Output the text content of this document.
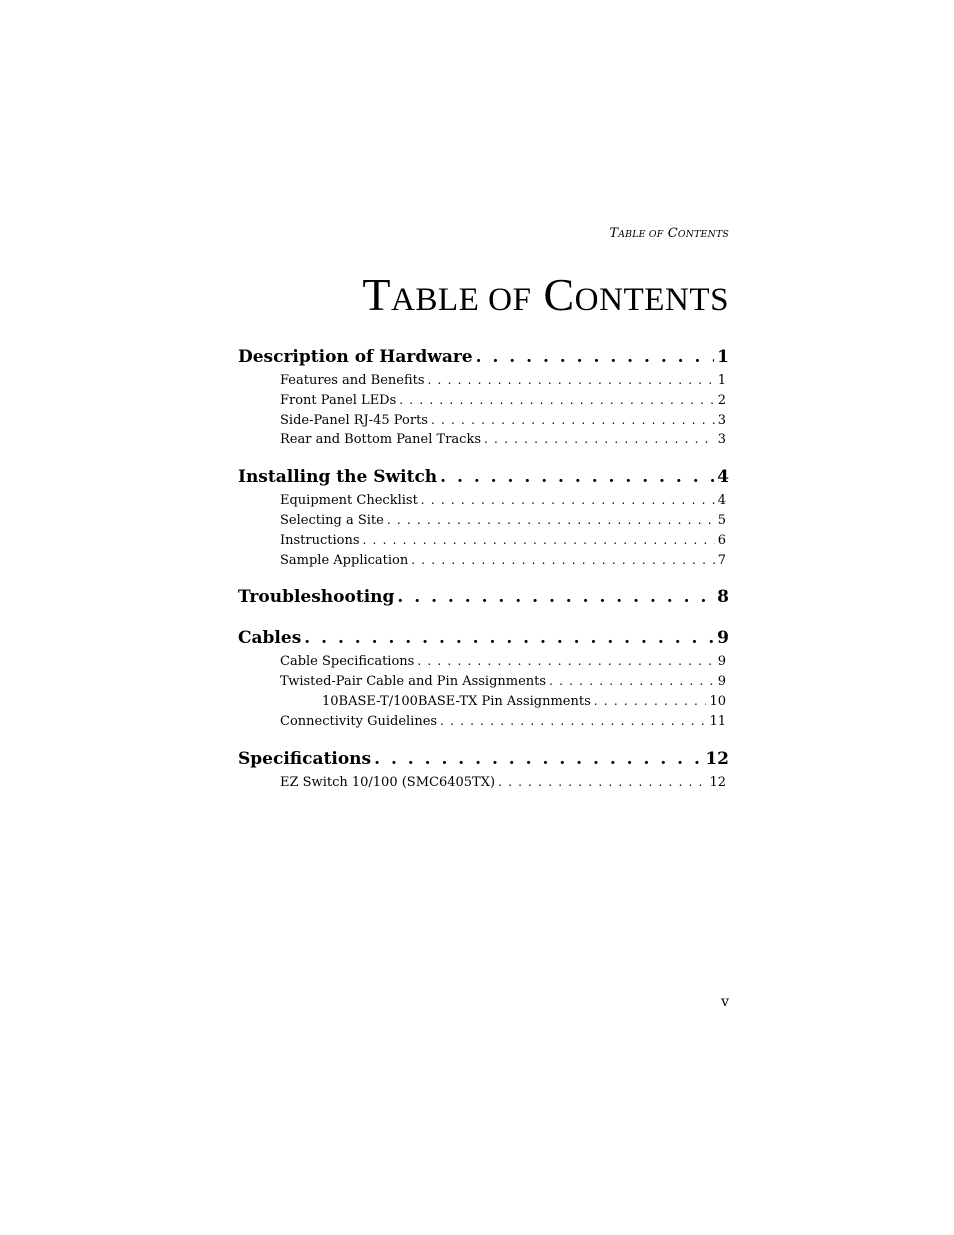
TABLE OF CONTENTS
TABLE OF CONTENTS
Description of Hardware . . .	1
Features and Benefits . . .	1
Front Panel LEDs . . .	2
Side-Panel RJ-45 Ports . . .	3
Rear and Bottom Panel Tracks . . .	3
Installing the Switch . . .	4
Equipment Checklist . . .	4
Selecting a Site . . .	5
Instructions . . .	6
Sample Application . . .	7
Troubleshooting . . .	8
Cables . . .	9
Cable Specifications . . .	9
Twisted-Pair Cable and Pin Assignments . . .	9
10BASE-T/100BASE-TX Pin Assignments . . .	10
Connectivity Guidelines . . .	11
Specifications . . .	12
EZ Switch 10/100 (SMC6405TX) . . .	12
v
